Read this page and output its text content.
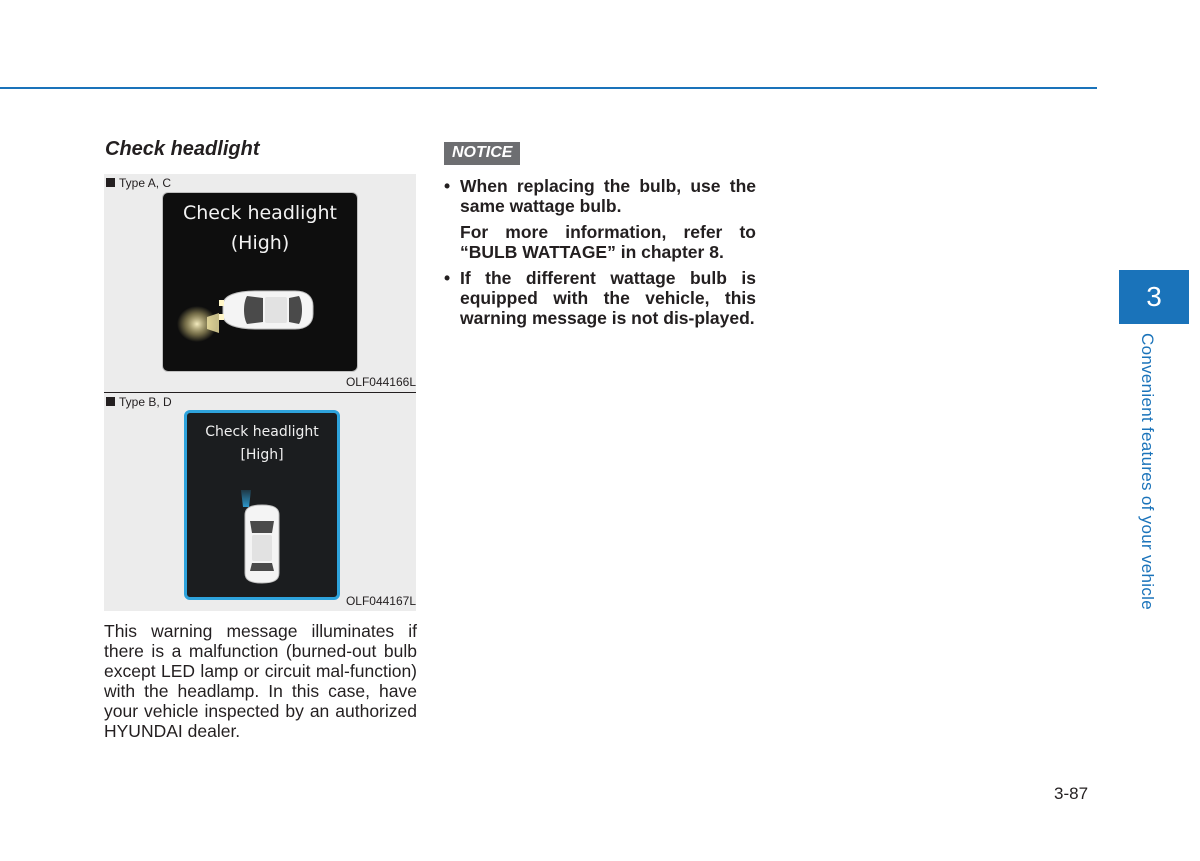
Check headlight
Type A, C
Check headlight
(High)
OLF044166L
Type B, D
Check headlight
[High]
OLF044167L
This warning message illuminates if there is a malfunction (burned-out bulb except LED lamp or circuit mal-function) with the headlamp. In this case, have your vehicle inspected by an authorized HYUNDAI dealer.
NOTICE
• When replacing the bulb, use the same wattage bulb.

For more information, refer to “BULB WATTAGE” in chapter 8.

• If the different wattage bulb is equipped with the vehicle, this warning message is not dis-played.

3
Convenient features of your vehicle
3-87
